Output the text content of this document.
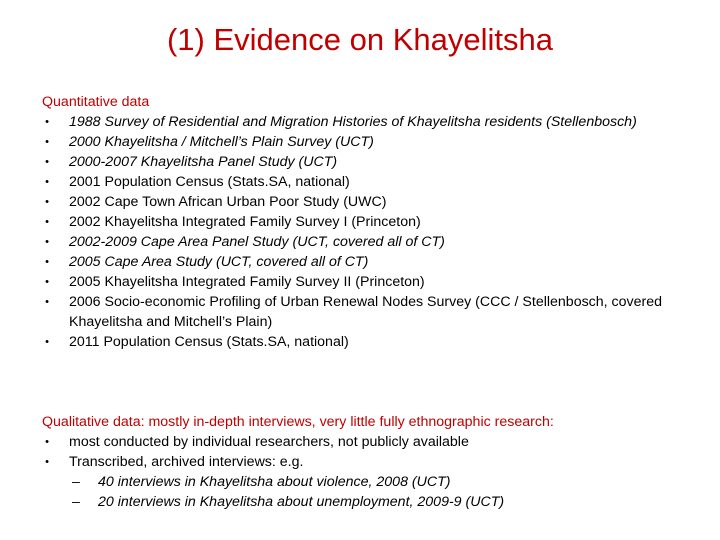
(1) Evidence on Khayelitsha
Quantitative data
• 1988 Survey of Residential and Migration Histories of Khayelitsha residents (Stellenbosch)
• 2000 Khayelitsha / Mitchell’s Plain Survey (UCT)
• 2000-2007 Khayelitsha Panel Study (UCT)
• 2001 Population Census (Stats.SA, national)
• 2002 Cape Town African Urban Poor Study (UWC)
• 2002 Khayelitsha Integrated Family Survey I (Princeton)
• 2002-2009 Cape Area Panel Study (UCT, covered all of CT)
• 2005 Cape Area Study (UCT, covered all of CT)
• 2005 Khayelitsha Integrated Family Survey II (Princeton)
• 2006 Socio-economic Profiling of Urban Renewal Nodes Survey (CCC / Stellenbosch, covered Khayelitsha and Mitchell’s Plain)
• 2011 Population Census (Stats.SA, national)
Qualitative data: mostly in-depth interviews, very little fully ethnographic research:
• most conducted by individual researchers, not publicly available
• Transcribed, archived interviews: e.g.
– 40 interviews in Khayelitsha about violence, 2008 (UCT)
– 20 interviews in Khayelitsha about unemployment, 2009-9 (UCT)
